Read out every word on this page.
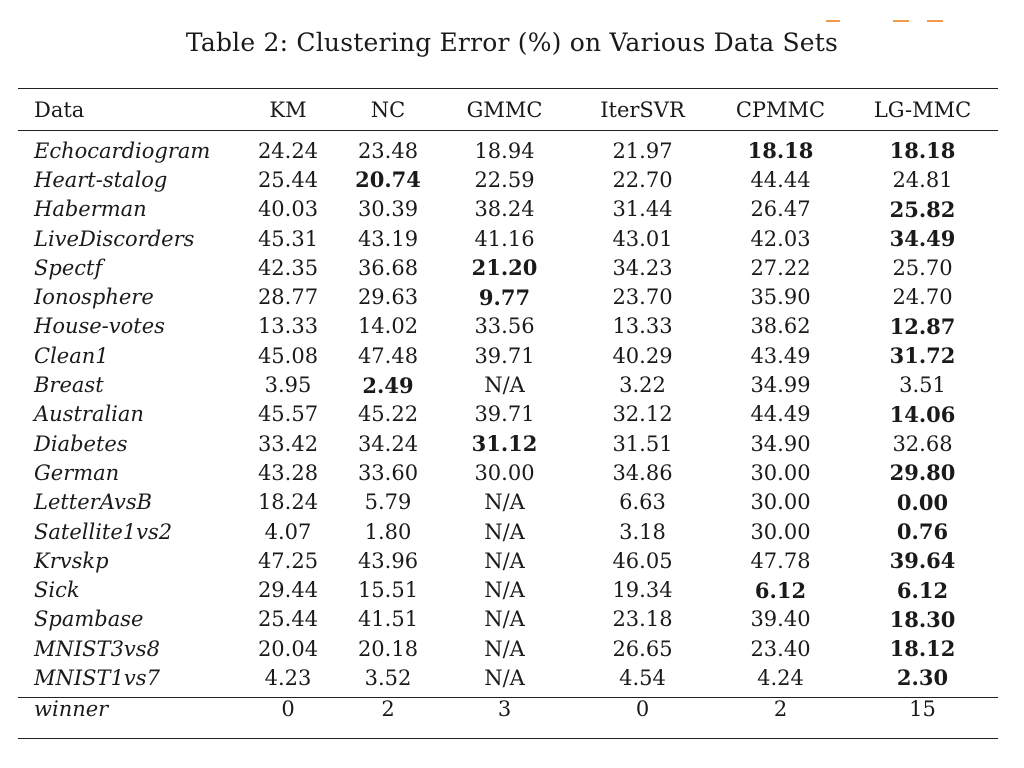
Table 2: Clustering Error (%) on Various Data Sets
Data	KM	NC	GMMC	IterSVR	CPMMC	LG-MMC

Echocardiogram	24.24	23.48	18.94	21.97	18.18	18.18
Heart-stalog	25.44	20.74	22.59	22.70	44.44	24.81
Haberman	40.03	30.39	38.24	31.44	26.47	25.82
LiveDiscorders	45.31	43.19	41.16	43.01	42.03	34.49
Spectf	42.35	36.68	21.20	34.23	27.22	25.70
Ionosphere	28.77	29.63	9.77	23.70	35.90	24.70
House-votes	13.33	14.02	33.56	13.33	38.62	12.87
Clean1	45.08	47.48	39.71	40.29	43.49	31.72
Breast	3.95	2.49	N/A	3.22	34.99	3.51
Australian	45.57	45.22	39.71	32.12	44.49	14.06
Diabetes	33.42	34.24	31.12	31.51	34.90	32.68
German	43.28	33.60	30.00	34.86	30.00	29.80
LetterAvsB	18.24	5.79	N/A	6.63	30.00	0.00
Satellite1vs2	4.07	1.80	N/A	3.18	30.00	0.76
Krvskp	47.25	43.96	N/A	46.05	47.78	39.64
Sick	29.44	15.51	N/A	19.34	6.12	6.12
Spambase	25.44	41.51	N/A	23.18	39.40	18.30
MNIST3vs8	20.04	20.18	N/A	26.65	23.40	18.12
MNIST1vs7	4.23	3.52	N/A	4.54	4.24	2.30

winner	0	2	3	0	2	15
